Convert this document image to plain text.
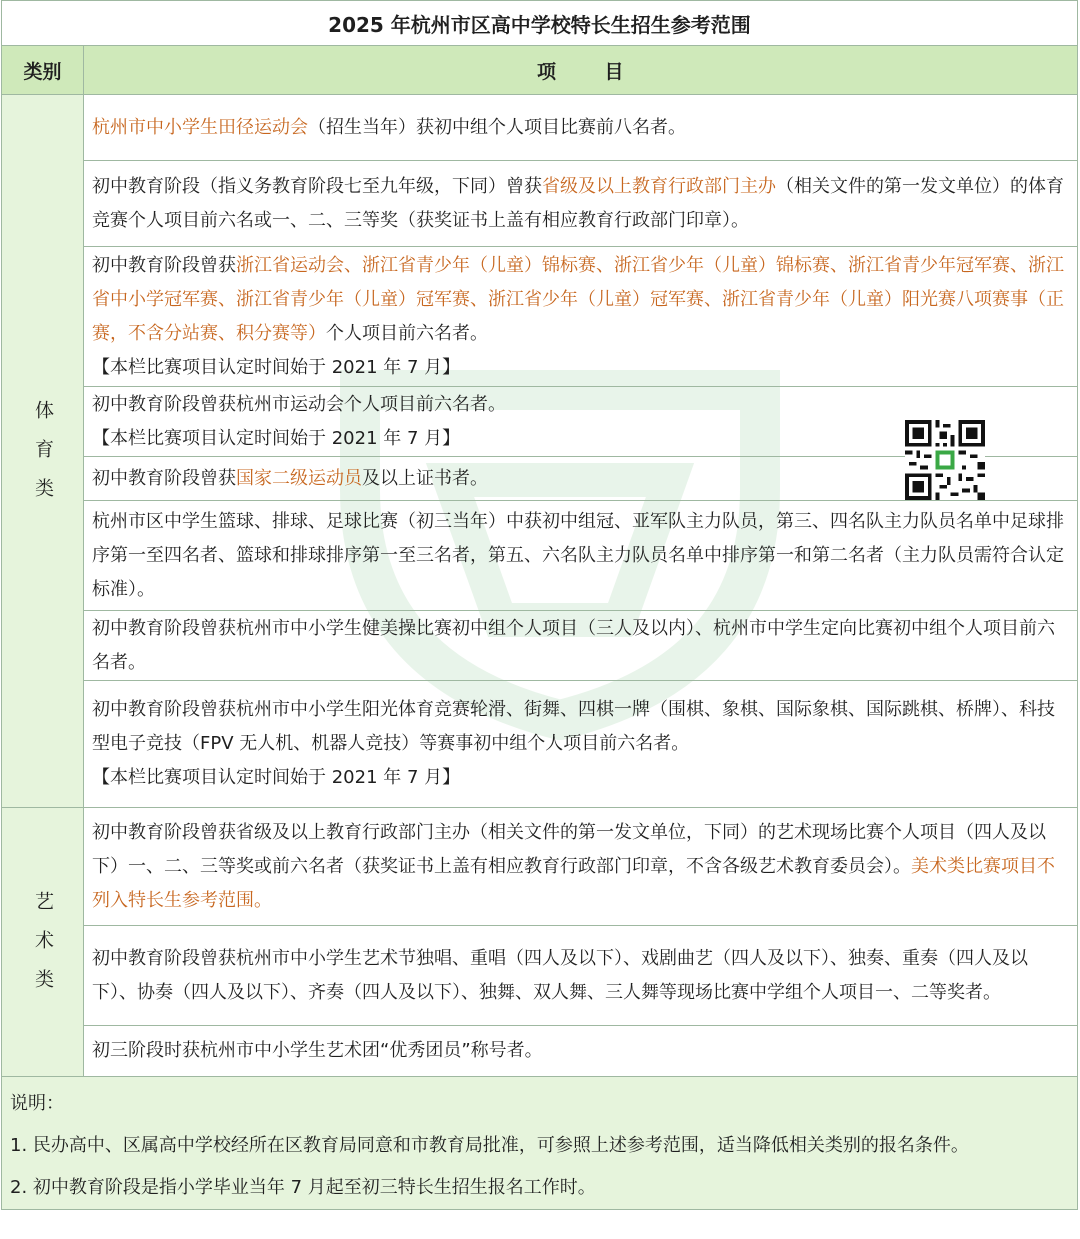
2025 年杭州市区高中学校特长生招生参考范围
类别	项	目
体育类

杭州市中小学生田径运动会（招生当年）获初中组个人项目比赛前八名者。

初中教育阶段（指义务教育阶段七至九年级，下同）曾获省级及以上教育行政部门主办（相关文件的第一发文单位）的体育竞赛个人项目前六名或一、二、三等奖（获奖证书上盖有相应教育行政部门印章）。

初中教育阶段曾获浙江省运动会、浙江省青少年（儿童）锦标赛、浙江省少年（儿童）锦标赛、浙江省青少年冠军赛、浙江省中小学冠军赛、浙江省青少年（儿童）冠军赛、浙江省少年（儿童）冠军赛、浙江省青少年（儿童）阳光赛八项赛事（正赛，不含分站赛、积分赛等）个人项目前六名者。

【本栏比赛项目认定时间始于 2021 年 7 月】

初中教育阶段曾获杭州市运动会个人项目前六名者。

【本栏比赛项目认定时间始于 2021 年 7 月】

初中教育阶段曾获国家二级运动员及以上证书者。

杭州市区中学生篮球、排球、足球比赛（初三当年）中获初中组冠、亚军队主力队员，第三、四名队主力队员名单中足球排序第一至四名者、篮球和排球排序第一至三名者，第五、六名队主力队员名单中排序第一和第二名者（主力队员需符合认定标准）。

初中教育阶段曾获杭州市中小学生健美操比赛初中组个人项目（三人及以内）、杭州市中学生定向比赛初中组个人项目前六名者。

初中教育阶段曾获杭州市中小学生阳光体育竞赛轮滑、街舞、四棋一牌（围棋、象棋、国际象棋、国际跳棋、桥牌）、科技型电子竞技（FPV 无人机、机器人竞技）等赛事初中组个人项目前六名者。

【本栏比赛项目认定时间始于 2021 年 7 月】

艺术类

初中教育阶段曾获省级及以上教育行政部门主办（相关文件的第一发文单位，下同）的艺术现场比赛个人项目（四人及以下）一、二、三等奖或前六名者（获奖证书上盖有相应教育行政部门印章，不含各级艺术教育委员会）。美术类比赛项目不列入特长生参考范围。

初中教育阶段曾获杭州市中小学生艺术节独唱、重唱（四人及以下）、戏剧曲艺（四人及以下）、独奏、重奏（四人及以下）、协奏（四人及以下）、齐奏（四人及以下）、独舞、双人舞、三人舞等现场比赛中学组个人项目一、二等奖者。

初三阶段时获杭州市中小学生艺术团“优秀团员”称号者。

说明：

1. 民办高中、区属高中学校经所在区教育局同意和市教育局批准，可参照上述参考范围，适当降低相关类别的报名条件。

2. 初中教育阶段是指小学毕业当年 7 月起至初三特长生招生报名工作时。
